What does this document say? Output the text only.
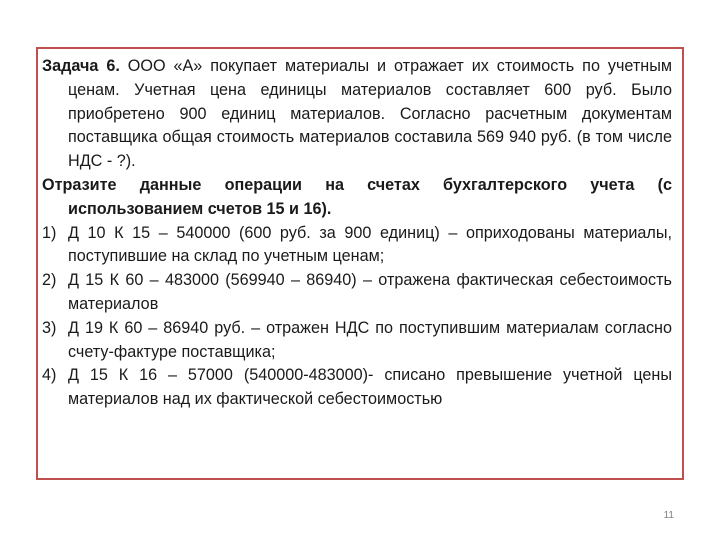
Задача 6. ООО «А» покупает материалы и отражает их стоимость по учетным ценам. Учетная цена единицы материалов составляет 600 руб. Было приобретено 900 единиц материалов. Согласно расчетным документам поставщика общая стоимость материалов составила 569 940 руб. (в том числе НДС - ?).

Отразите данные операции на счетах бухгалтерского учета (с использованием счетов 15 и 16).

1) Д 10 К 15 – 540000 (600 руб. за 900 единиц) – оприходованы материалы, поступившие на склад по учетным ценам;
2) Д 15 К 60 – 483000 (569940 – 86940) – отражена фактическая себестоимость материалов
3) Д 19 К 60 – 86940 руб. – отражен НДС по поступившим материалам согласно счету-фактуре поставщика;
4) Д 15 К 16 – 57000 (540000-483000)- списано превышение учетной цены материалов над их фактической себестоимостью
11
